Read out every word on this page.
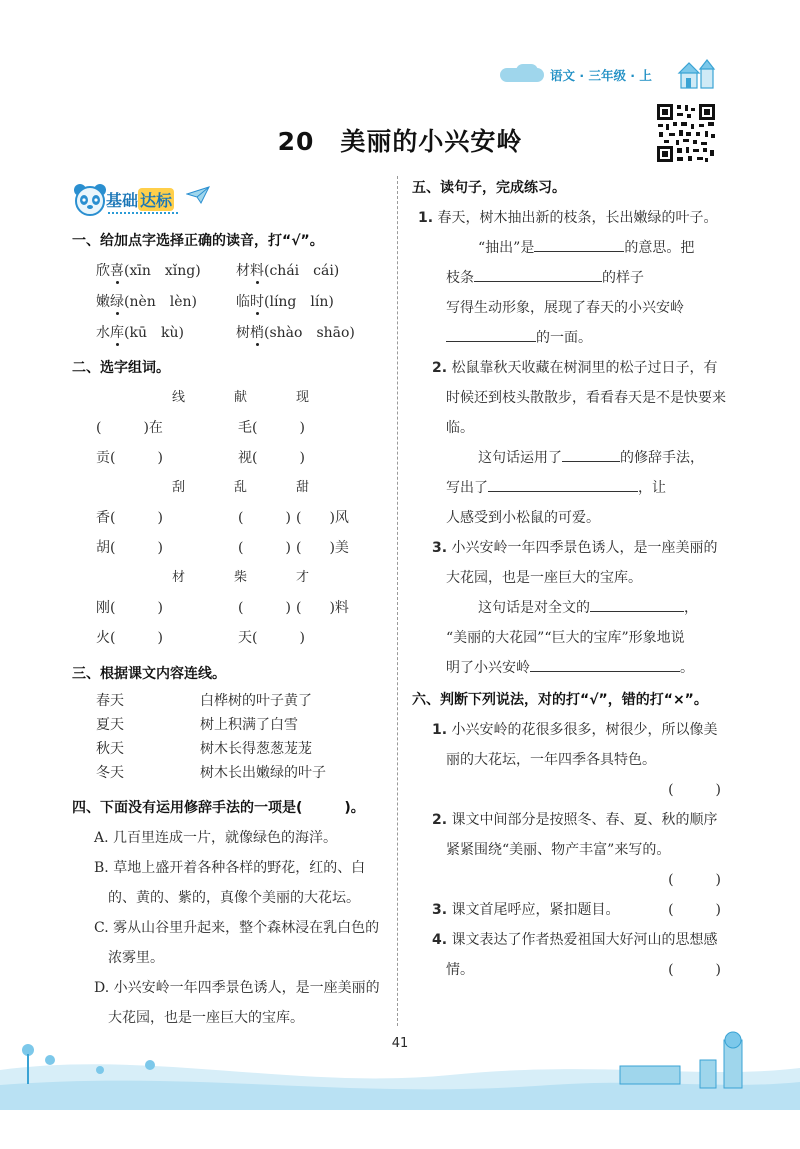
语文 · 三年级 · 上
20 美丽的小兴安岭
基础 达标
一、给加点字选择正确的读音，打“√”。
欣喜(xīn　xǐng)	材料(chái　cái)
嫩绿(nèn　lèn)	临时(líng　lín)
水库(kū　kù)	树梢(shào　shāo)
二、选字组词。
线	献	现
(　　　)在	毛(　　　)
贡(　　　)	视(　　　)
刮	乱	甜
香(　　　)	(　　　) (　　)风
胡(　　　)	(　　　) (　　)美
材	柴	才
刚(　　　)	(　　　) (　　)料
火(　　　)	天(　　　)
三、根据课文内容连线。
春天	白桦树的叶子黄了
夏天	树上积满了白雪
秋天	树木长得葱葱茏茏
冬天	树木长出嫩绿的叶子
四、下面没有运用修辞手法的一项是(　　　)。
A. 几百里连成一片，就像绿色的海洋。
B. 草地上盛开着各种各样的野花，红的、白的、黄的、紫的，真像个美丽的大花坛。
C. 雾从山谷里升起来，整个森林浸在乳白色的浓雾里。
D. 小兴安岭一年四季景色诱人，是一座美丽的大花园，也是一座巨大的宝库。
五、读句子，完成练习。
1. 春天，树木抽出新的枝条，长出嫩绿的叶子。
“抽出”是	的意思。把
枝条	的样子
写得生动形象，展现了春天的小兴安岭
的一面。
2. 松鼠靠秋天收藏在树洞里的松子过日子，有时候还到枝头散散步，看看春天是不是快要来临。
这句话运用了	的修辞手法，
写出了	，让
人感受到小松鼠的可爱。
3. 小兴安岭一年四季景色诱人，是一座美丽的大花园，也是一座巨大的宝库。
这句话是对全文的	，
“美丽的大花园”“巨大的宝库”形象地说
明了小兴安岭	。
六、判断下列说法，对的打“√”，错的打“×”。
1. 小兴安岭的花很多很多，树很少，所以像美丽的大花坛，一年四季各具特色。
(　　　)
2. 课文中间部分是按照冬、春、夏、秋的顺序紧紧围绕“美丽、物产丰富”来写的。
(　　　)
3. 课文首尾呼应，紧扣题目。	(　　　)
4. 课文表达了作者热爱祖国大好河山的思想感情。	(　　　)
41
